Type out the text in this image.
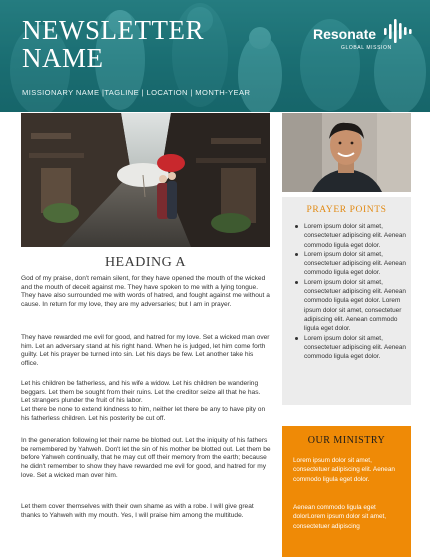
NEWSLETTER NAME
MISSIONARY NAME |TAGLINE | LOCATION | MONTH-YEAR
Resonate
GLOBAL MISSION
PRAYER POINTS
Lorem ipsum dolor sit amet, consectetuer adipiscing elit. Aenean commodo ligula eget dolor.
Lorem ipsum dolor sit amet, consectetuer adipiscing elit. Aenean commodo ligula eget dolor.
Lorem ipsum dolor sit amet, consectetuer adipiscing elit. Aenean commodo ligula eget dolor. Lorem ipsum dolor sit amet, consectetuer adipiscing elit. Aenean commodo ligula eget dolor.
Lorem ipsum dolor sit amet, consectetuer adipiscing elit. Aenean commodo ligula eget dolor.
OUR MINISTRY
Lorem ipsum dolor sit amet, consectetuer adipiscing elit. Aenean commodo ligula eget dolor.
Aenean commodo ligula eget dolorLorem ipsum dolor sit amet, consectetuer adipiscing
HEADING A
God of my praise, don't remain silent, for they have opened the mouth of the wicked and the mouth of deceit against me. They have spoken to me with a lying tongue. They have also surrounded me with words of hatred, and fought against me without a cause. In return for my love, they are my adversaries; but I am in prayer.
They have rewarded me evil for good, and hatred for my love. Set a wicked man over him. Let an adversary stand at his right hand. When he is judged, let him come forth guilty. Let his prayer be turned into sin. Let his days be few. Let another take his office.
Let his children be fatherless, and his wife a widow. Let his children be wandering beggars. Let them be sought from their ruins. Let the creditor seize all that he has. Let strangers plunder the fruit of his labor.
Let there be none to extend kindness to him, neither let there be any to have pity on his fatherless children. Let his posterity be cut off.
In the generation following let their name be blotted out. Let the iniquity of his fathers be remembered by Yahweh. Don't let the sin of his mother be blotted out. Let them be before Yahweh continually, that he may cut off their memory from the earth; because he didn't remember to show they have rewarded me evil for good, and hatred for my love. Set a wicked man over him.
Let them cover themselves with their own shame as with a robe. I will give great thanks to Yahweh with my mouth. Yes, I will praise him among the multitude.
